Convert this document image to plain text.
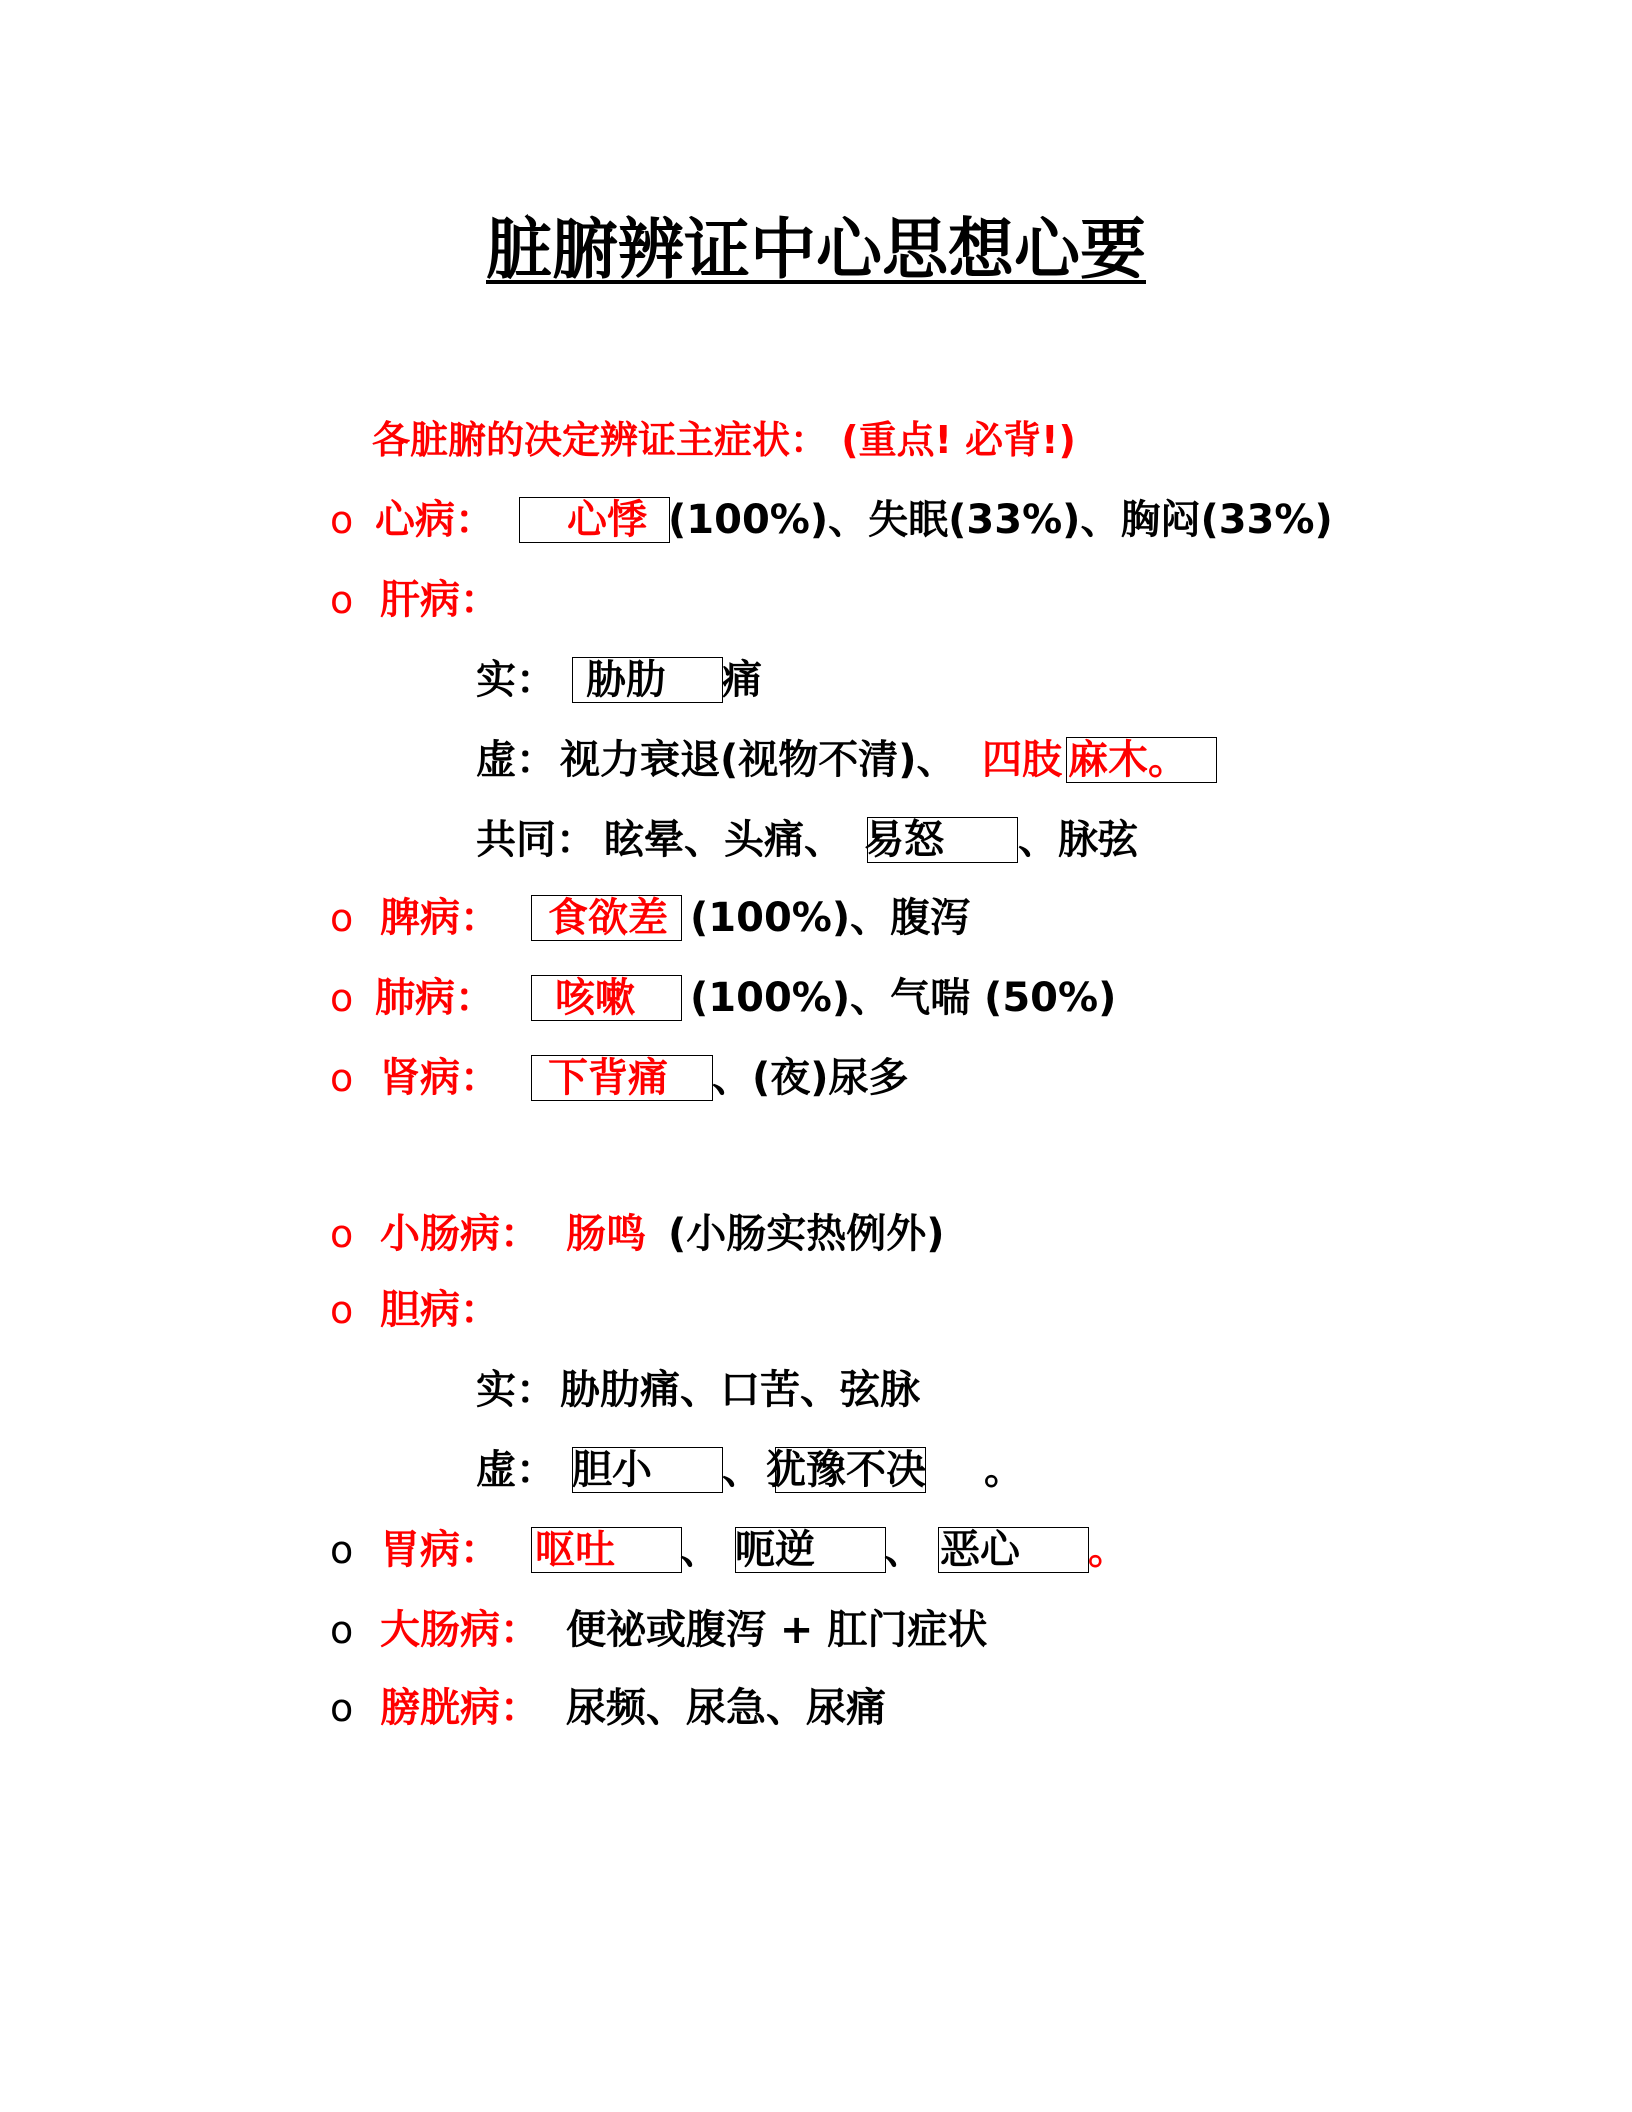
脏腑辨证中心思想心要
各脏腑的决定辨证主症状： (重点! 必背!)
o 心病： 心悸 (100%)、失眠(33%)、胸闷(33%)
o 肝病：
实： 胁肋 痛
虚： 视力衰退(视物不清)、 四肢 麻木。
共同： 眩晕、头痛、 易怒 、脉弦
o 脾病： 食欲差 (100%)、腹泻
o 肺病： 咳嗽 (100%)、气喘 (50%)
o 肾病： 下背痛 、(夜)尿多
o 小肠病： 肠鸣 (小肠实热例外)
o 胆病：
实： 胁肋痛、口苦、弦脉
虚： 胆小 、 犹豫不决 。
o 胃病： 呕吐 、 呃逆 、 恶心 。
o 大肠病： 便祕或腹泻 + 肛门症状
o 膀胱病： 尿频、尿急、尿痛
